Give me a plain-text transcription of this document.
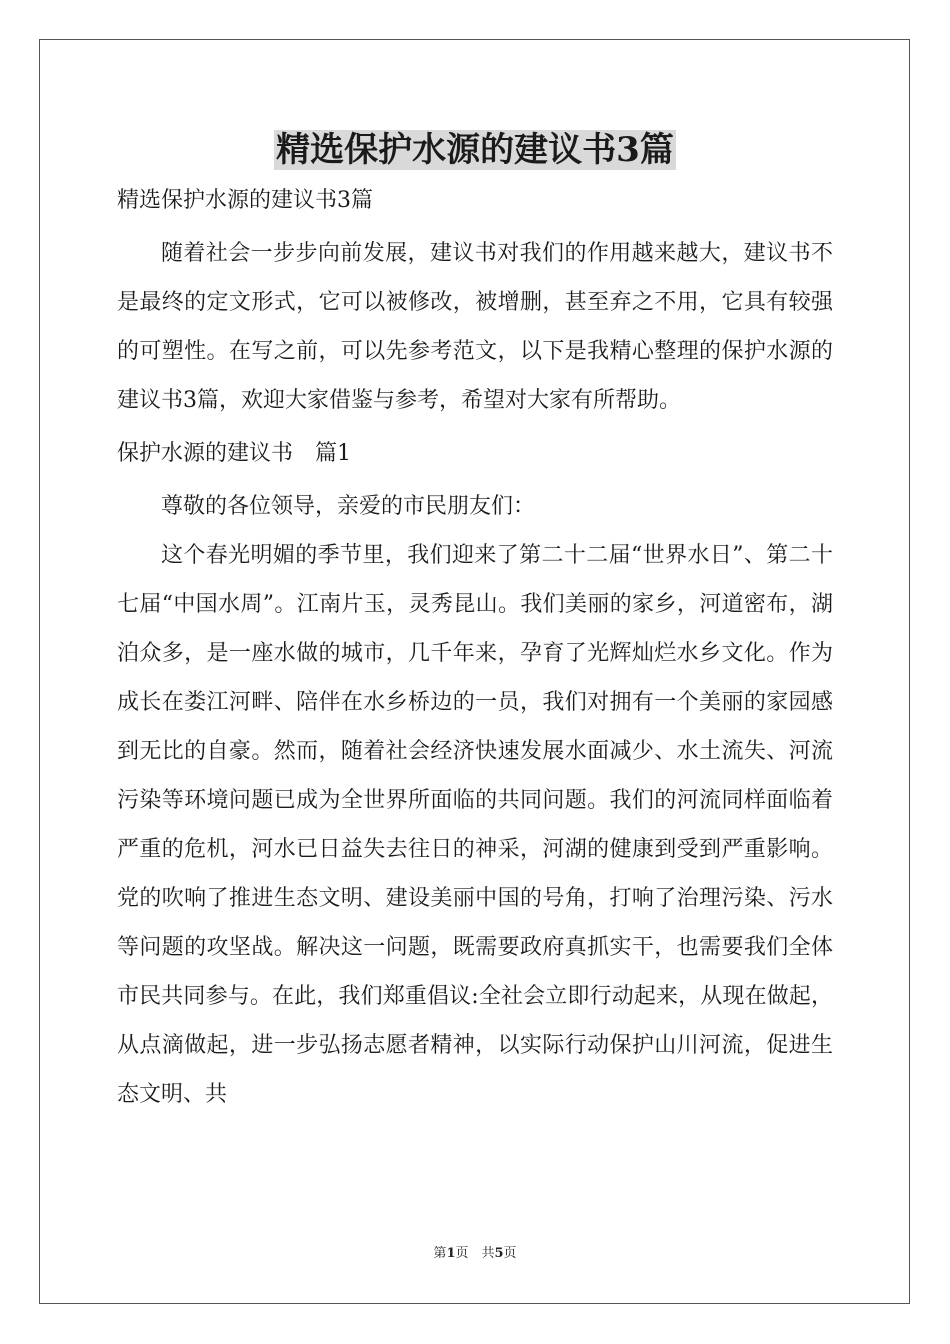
精选保护水源的建议书3篇

精选保护水源的建议书3篇

随着社会一步步向前发展，建议书对我们的作用越来越大，建议书不是最终的定文形式，它可以被修改，被增删，甚至弃之不用，它具有较强的可塑性。在写之前，可以先参考范文，以下是我精心整理的保护水源的建议书3篇，欢迎大家借鉴与参考，希望对大家有所帮助。

保护水源的建议书　篇1

尊敬的各位领导，亲爱的市民朋友们：

这个春光明媚的季节里，我们迎来了第二十二届“世界水日”、第二十七届“中国水周”。江南片玉，灵秀昆山。我们美丽的家乡，河道密布，湖泊众多，是一座水做的城市，几千年来，孕育了光辉灿烂水乡文化。作为成长在娄江河畔、陪伴在水乡桥边的一员，我们对拥有一个美丽的家园感到无比的自豪。然而，随着社会经济快速发展水面减少、水土流失、河流污染等环境问题已成为全世界所面临的共同问题。我们的河流同样面临着严重的危机，河水已日益失去往日的神采，河湖的健康到受到严重影响。党的吹响了推进生态文明、建设美丽中国的号角，打响了治理污染、污水等问题的攻坚战。解决这一问题，既需要政府真抓实干，也需要我们全体市民共同参与。在此，我们郑重倡议:全社会立即行动起来，从现在做起，从点滴做起，进一步弘扬志愿者精神，以实际行动保护山川河流，促进生态文明、共

第1页　共5页
